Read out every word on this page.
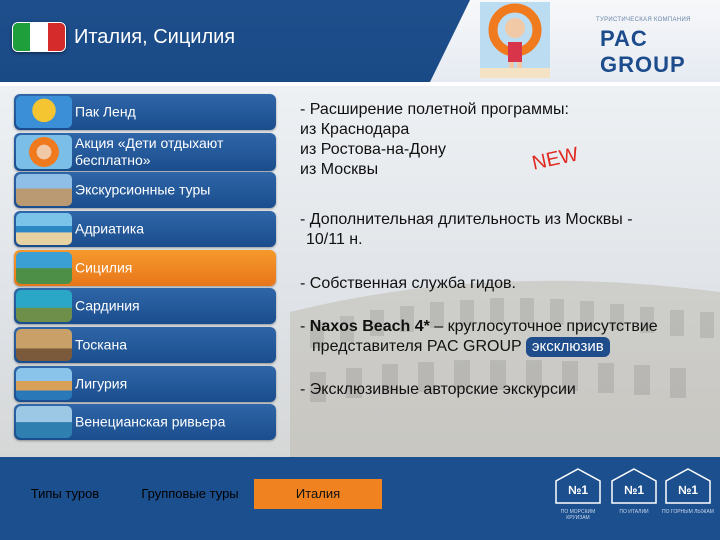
Италия, Сицилия
ТУРИСТИЧЕСКАЯ КОМПАНИЯ
PAC GROUP
Пак Ленд
Акция «Дети отдыхают
бесплатно»
Экскурсионные туры
Адриатика
Сицилия
Сардиния
Тоскана
Лигурия
Венецианская ривьера
- Расширение полетной программы:
из Краснодара
из Ростова-на-Дону
из Москвы	NEW
- Дополнительная длительность из Москвы -
10/11 н.
- Собственная служба гидов.
- Naxos Beach 4* – круглосуточное присутствие
представителя PAC GROUP эксклюзив
- Эксклюзивные авторские экскурсии
Типы туров	Групповые туры	Италия	№1
ПО МОРСКИМ КРУИЗАМ
№1
ПО ИТАЛИИ
№1
ПО ГОРНЫМ ЛЫЖАМ
